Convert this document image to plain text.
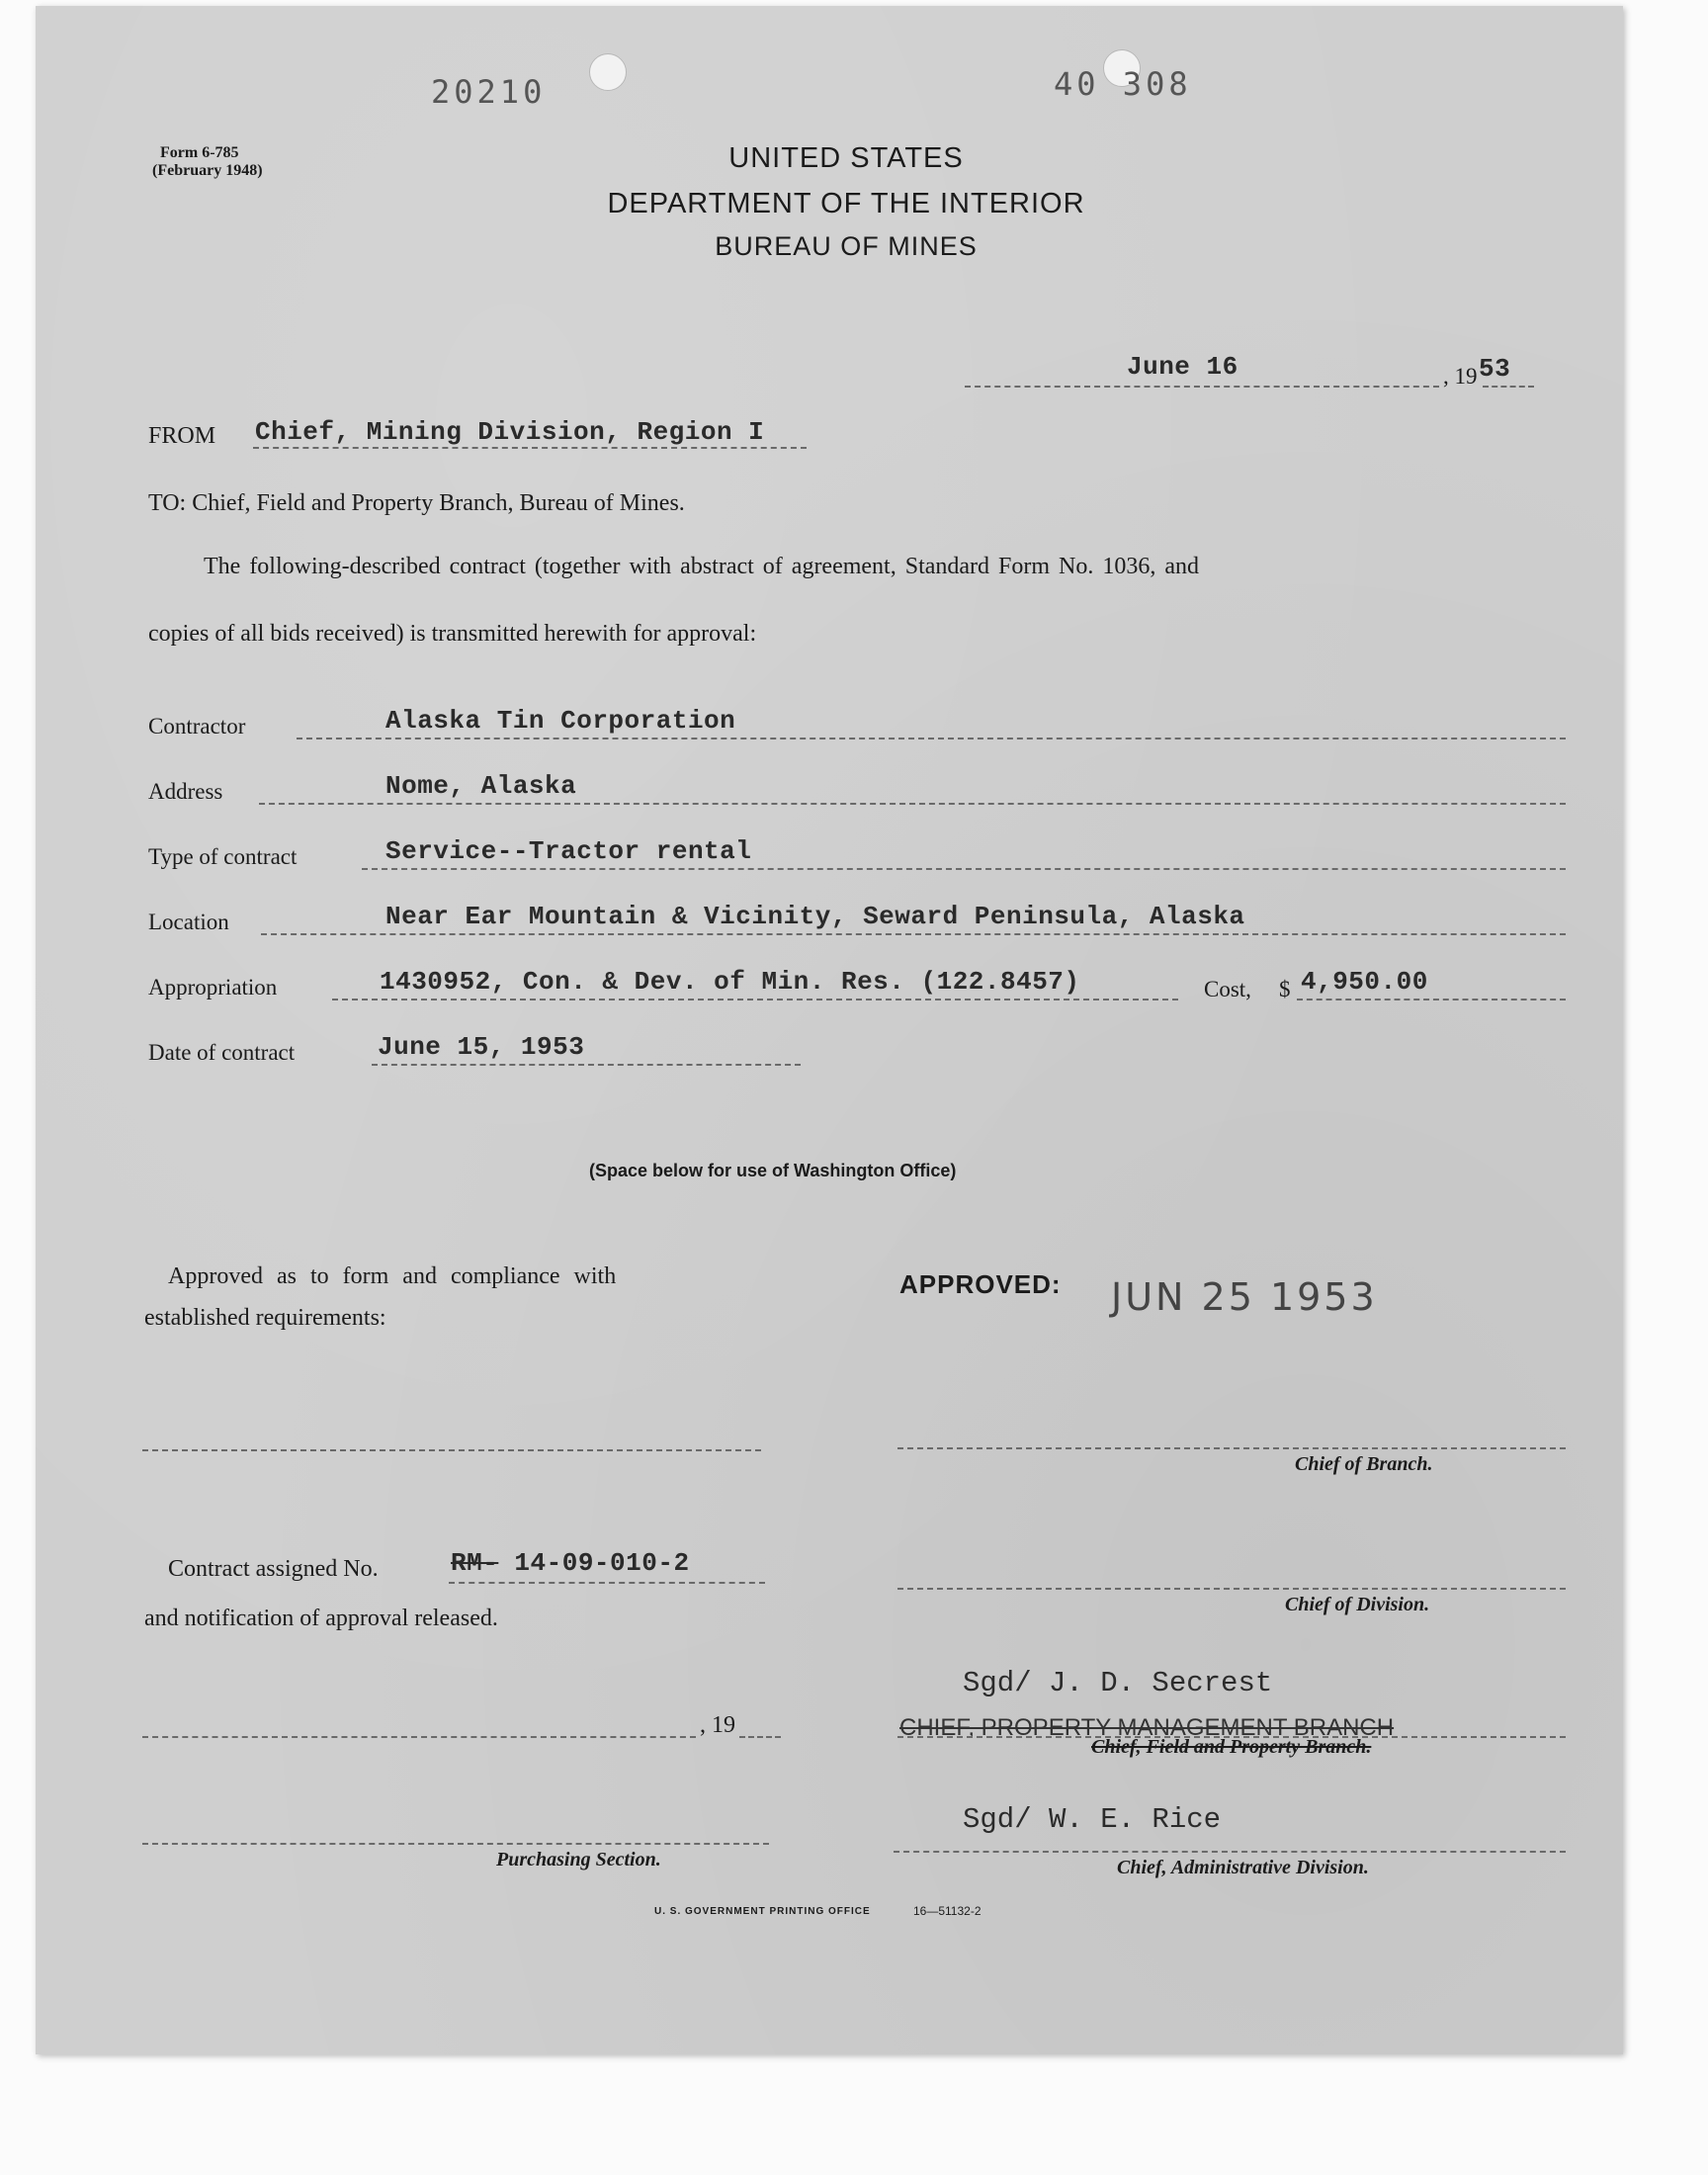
20210	40 308
Form 6-785
(February 1948)	UNITED STATES
DEPARTMENT OF THE INTERIOR
BUREAU OF MINES
June 16	, 19 53
FROM Chief, Mining Division, Region I
TO: Chief, Field and Property Branch, Bureau of Mines.
The following-described contract (together with abstract of agreement, Standard Form No. 1036, and
copies of all bids received) is transmitted herewith for approval:
Contractor	Alaska Tin Corporation
Address	Nome, Alaska
Type of contract	Service--Tractor rental
Location	Near Ear Mountain & Vicinity, Seward Peninsula, Alaska
Appropriation	1430952, Con. & Dev. of Min. Res. (122.8457)	Cost, $ 4,950.00
Date of contract	June 15, 1953
(Space below for use of Washington Office)
Approved as to form and compliance with
established requirements:
APPROVED: JUN 25 1953
Chief of Branch.
Contract assigned No.	RM- 14-09-010-2
and notification of approval released.
Chief of Division.
, 19
Sgd/ J. D. Secrest
CHIEF, PROPERTY MANAGEMENT BRANCH
Chief, Field and Property Branch.
Purchasing Section.
Sgd/ W. E. Rice
Chief, Administrative Division.
U. S. GOVERNMENT PRINTING OFFICE	16—51132-2
